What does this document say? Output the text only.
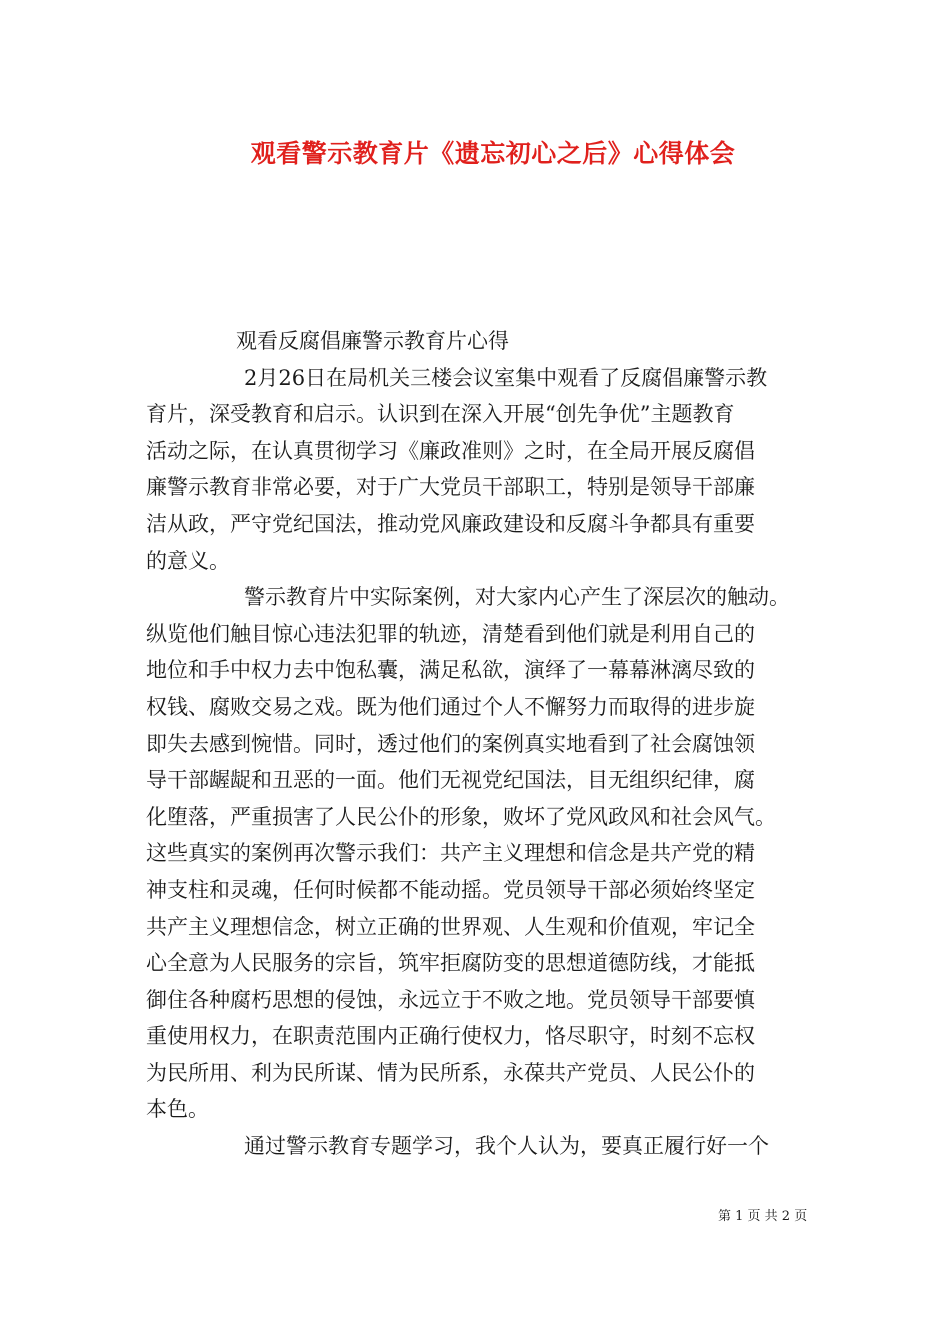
观看警示教育片《遗忘初心之后》心得体会
观看反腐倡廉警示教育片心得
2月26日在局机关三楼会议室集中观看了反腐倡廉警示教
育片，深受教育和启示。认识到在深入开展“创先争优”主题教育
活动之际，在认真贯彻学习《廉政准则》之时，在全局开展反腐倡
廉警示教育非常必要，对于广大党员干部职工，特别是领导干部廉
洁从政，严守党纪国法，推动党风廉政建设和反腐斗争都具有重要
的意义。
警示教育片中实际案例，对大家内心产生了深层次的触动。
纵览他们触目惊心违法犯罪的轨迹，清楚看到他们就是利用自己的
地位和手中权力去中饱私囊，满足私欲，演绎了一幕幕淋漓尽致的
权钱、腐败交易之戏。既为他们通过个人不懈努力而取得的进步旋
即失去感到惋惜。同时，透过他们的案例真实地看到了社会腐蚀领
导干部龌龊和丑恶的一面。他们无视党纪国法，目无组织纪律，腐
化堕落，严重损害了人民公仆的形象，败坏了党风政风和社会风气。
这些真实的案例再次警示我们：共产主义理想和信念是共产党的精
神支柱和灵魂，任何时候都不能动摇。党员领导干部必须始终坚定
共产主义理想信念，树立正确的世界观、人生观和价值观，牢记全
心全意为人民服务的宗旨，筑牢拒腐防变的思想道德防线，才能抵
御住各种腐朽思想的侵蚀，永远立于不败之地。党员领导干部要慎
重使用权力，在职责范围内正确行使权力，恪尽职守，时刻不忘权
为民所用、利为民所谋、情为民所系，永葆共产党员、人民公仆的
本色。
通过警示教育专题学习，我个人认为，要真正履行好一个
第 1 页 共 2 页
